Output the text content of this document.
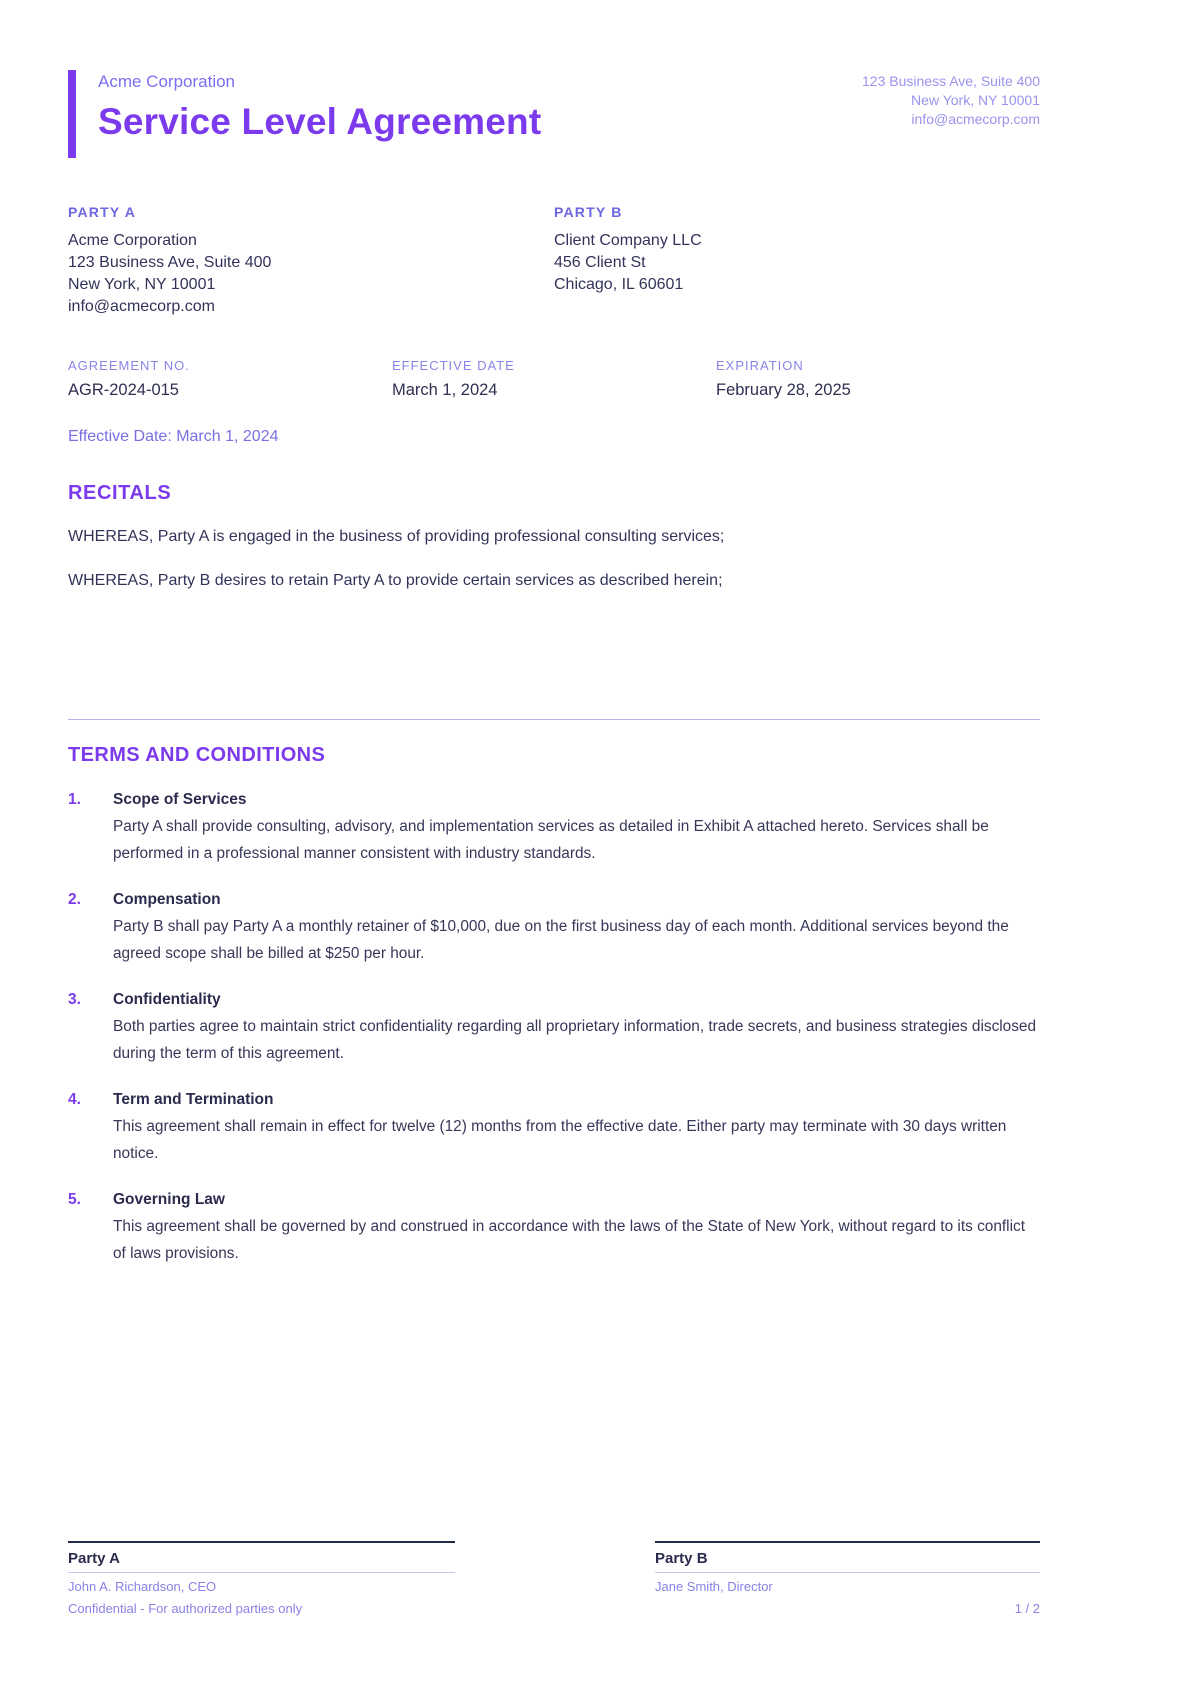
Acme Corporation
Service Level Agreement
123 Business Ave, Suite 400
New York, NY 10001
info@acmecorp.com
PARTY A
Acme Corporation
123 Business Ave, Suite 400
New York, NY 10001
info@acmecorp.com
PARTY B
Client Company LLC
456 Client St
Chicago, IL 60601
AGREEMENT NO.
AGR-2024-015
EFFECTIVE DATE
March 1, 2024
EXPIRATION
February 28, 2025
Effective Date: March 1, 2024
RECITALS

WHEREAS, Party A is engaged in the business of providing professional consulting services;

WHEREAS, Party B desires to retain Party A to provide certain services as described herein;

TERMS AND CONDITIONS
1.	Scope of Services
Party A shall provide consulting, advisory, and implementation services as detailed in Exhibit A attached hereto. Services shall be performed in a professional manner consistent with industry standards.
2.	Compensation
Party B shall pay Party A a monthly retainer of $10,000, due on the first business day of each month. Additional services beyond the agreed scope shall be billed at $250 per hour.
3.	Confidentiality
Both parties agree to maintain strict confidentiality regarding all proprietary information, trade secrets, and business strategies disclosed during the term of this agreement.
4.	Term and Termination
This agreement shall remain in effect for twelve (12) months from the effective date. Either party may terminate with 30 days written notice.
5.	Governing Law
This agreement shall be governed by and construed in accordance with the laws of the State of New York, without regard to its conflict of laws provisions.
Party A
John A. Richardson, CEO
Party B
Jane Smith, Director
Confidential - For authorized parties only	1 / 2
